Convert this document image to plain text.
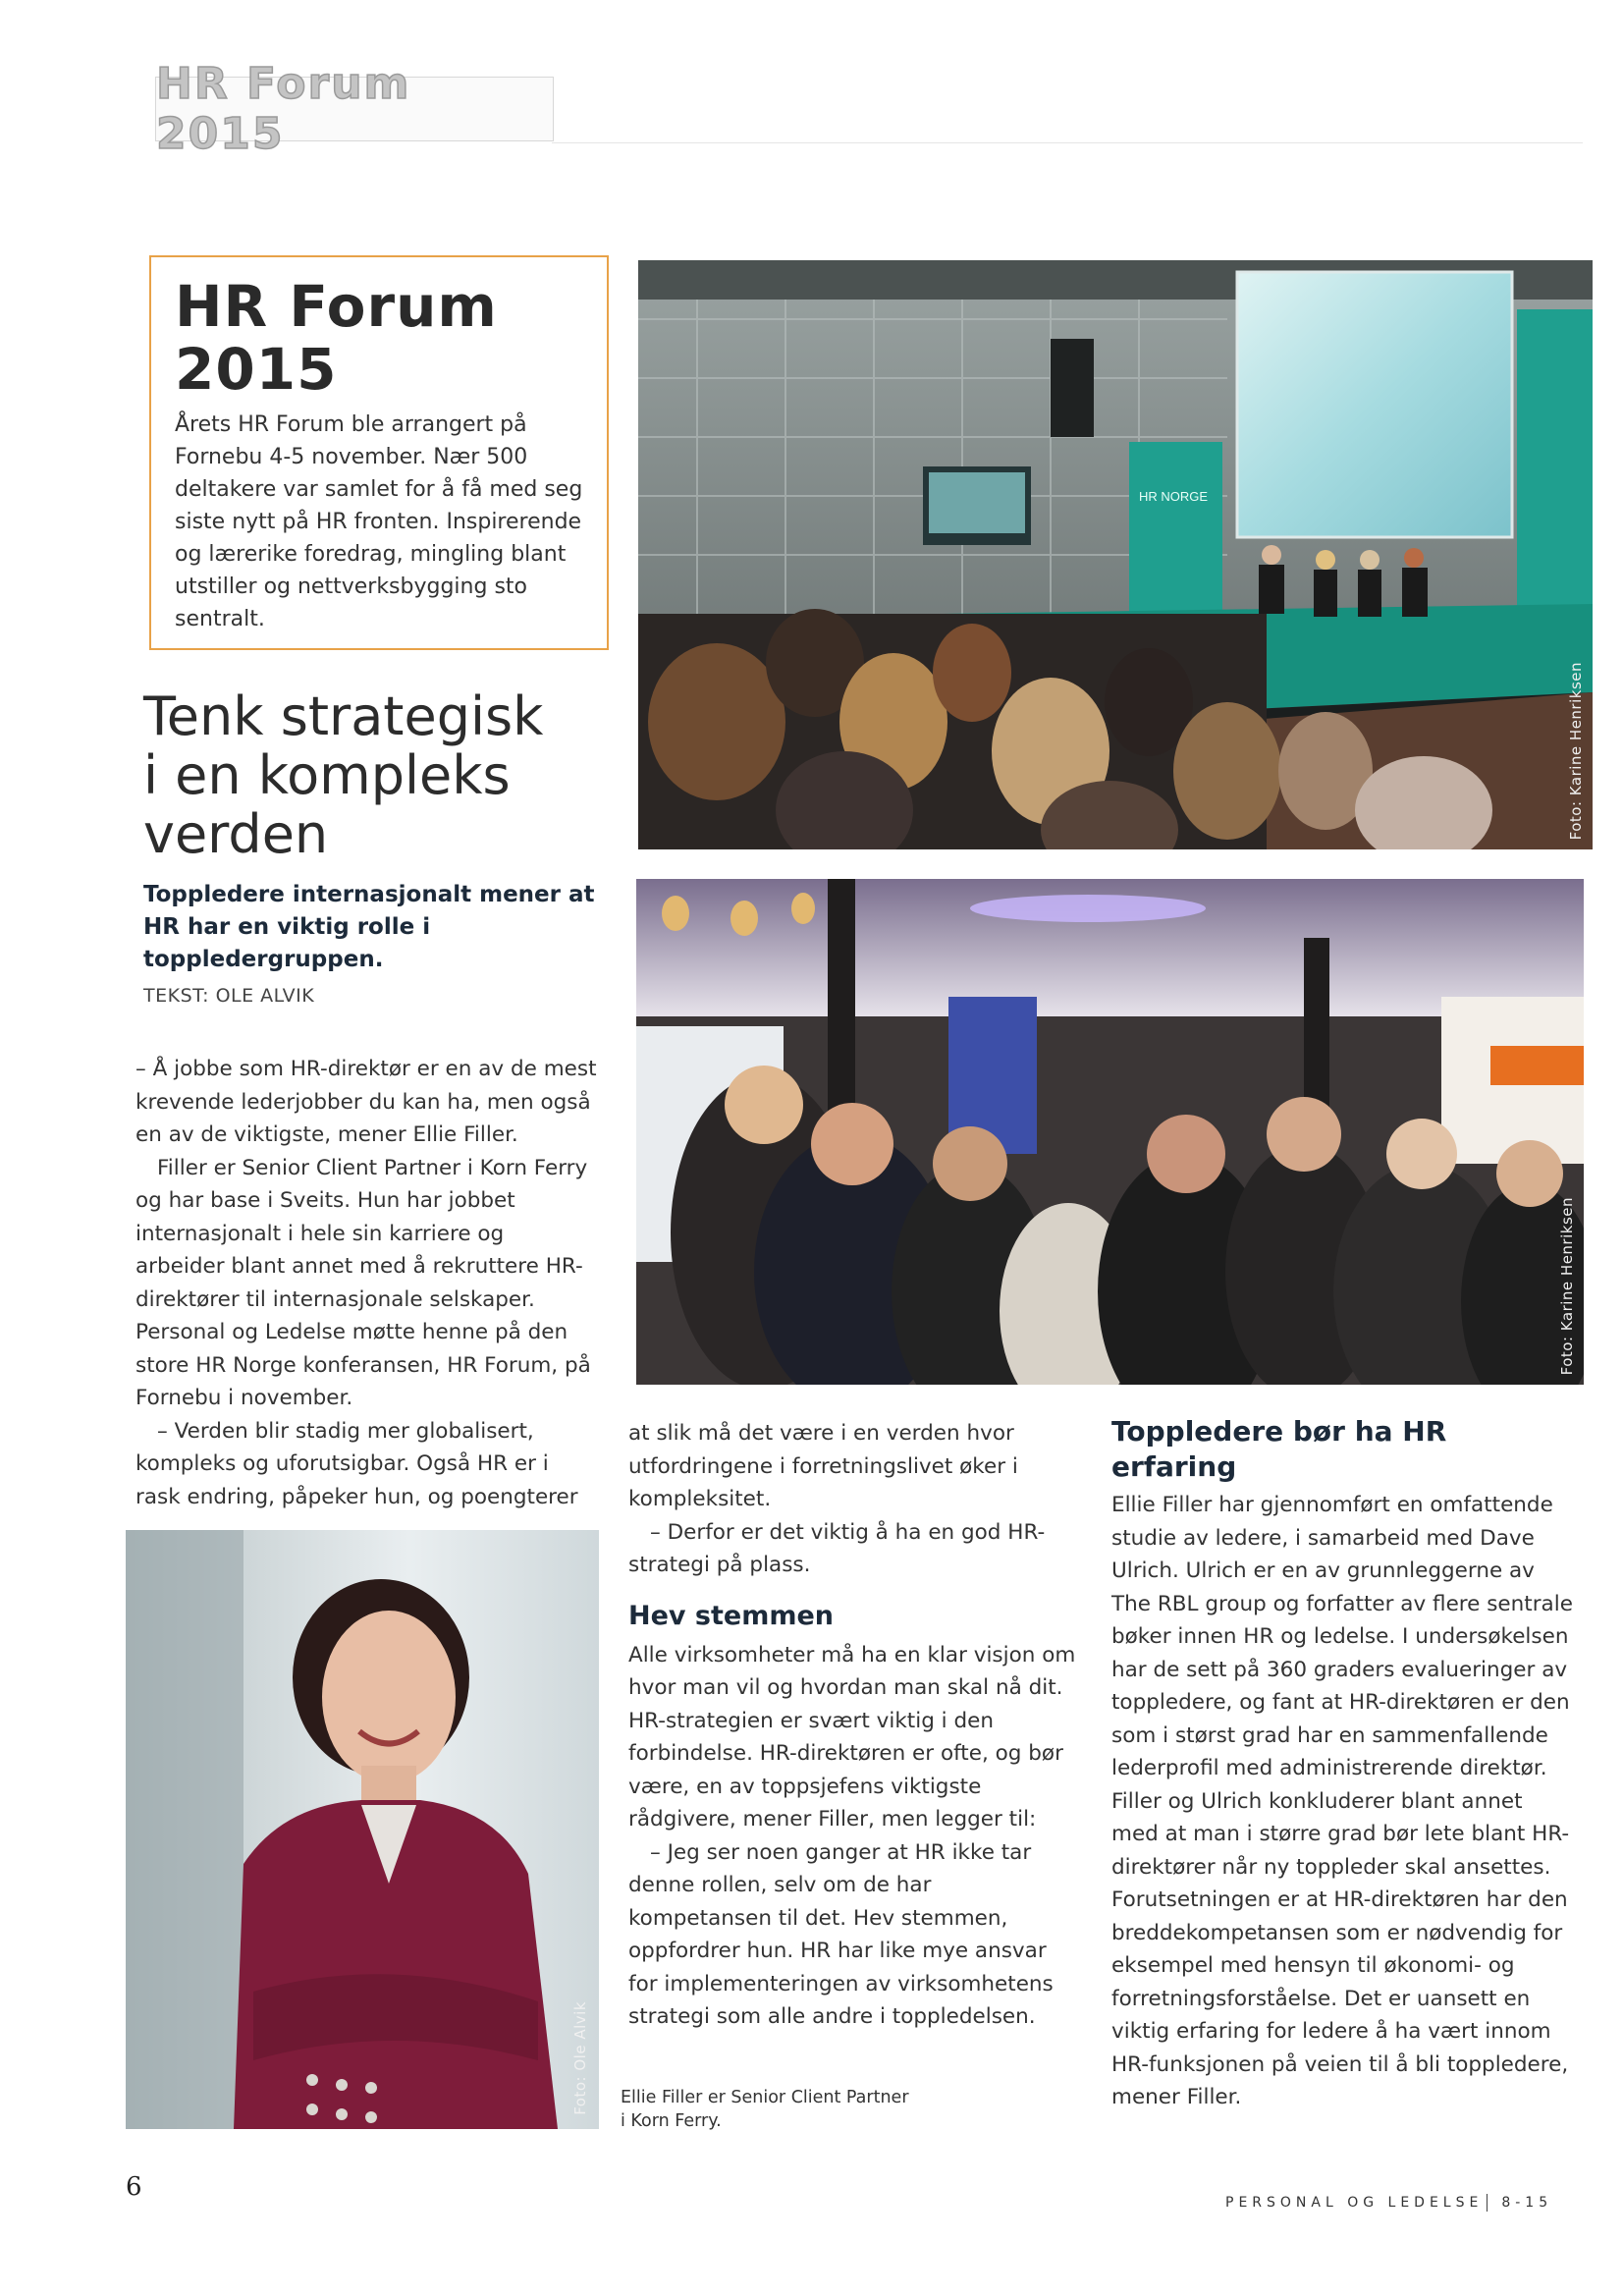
HR Forum 2015
HR Forum
2015

Årets HR Forum ble arrangert på Fornebu 4-5 november. Nær 500 deltakere var samlet for å få med seg siste nytt på HR fronten. Inspirerende og lærerike foredrag, mingling blant utstiller og nettverksbygging sto sentralt.

Tenk strategisk
i en kompleks
verden

Toppledere internasjonalt mener at HR har en viktig rolle i toppledergruppen.

TEKST: OLE ALVIK

– Å jobbe som HR-direktør er en av de mest krevende lederjobber du kan ha, men også en av de viktigste, mener Ellie Filler.

Filler er Senior Client Partner i Korn Ferry og har base i Sveits. Hun har jobbet internasjonalt i hele sin karriere og arbeider blant annet med å rekruttere HR-direktører til internasjonale selskaper. Personal og Ledelse møtte henne på den store HR Norge konferansen, HR Forum, på Fornebu i november.

– Verden blir stadig mer globalisert, kompleks og uforutsigbar. Også HR er i rask endring, påpeker hun, og poengterer

HR NORGE
Foto: Karine Henriksen
Foto: Karine Henriksen
Foto: Ole Alvik

at slik må det være i en verden hvor utfordringene i forretningslivet øker i kompleksitet.

– Derfor er det viktig å ha en god HR-strategi på plass.

Hev stemmen

Alle virksomheter må ha en klar visjon om hvor man vil og hvordan man skal nå dit. HR-strategien er svært viktig i den forbindelse. HR-direktøren er ofte, og bør være, en av toppsjefens viktigste rådgivere, mener Filler, men legger til:

– Jeg ser noen ganger at HR ikke tar denne rollen, selv om de har kompetansen til det. Hev stemmen, oppfordrer hun. HR har like mye ansvar for implementeringen av virksomhetens strategi som alle andre i toppledelsen.

Ellie Filler er Senior Client Partner i Korn Ferry.
Toppledere bør ha HR erfaring

Ellie Filler har gjennomført en omfattende studie av ledere, i samarbeid med Dave Ulrich. Ulrich er en av grunnleggerne av The RBL group og forfatter av flere sentrale bøker innen HR og ledelse. I undersøkelsen har de sett på 360 graders evalueringer av toppledere, og fant at HR-direktøren er den som i størst grad har en sammenfallende lederprofil med administrerende direktør. Filler og Ulrich konkluderer blant annet med at man i større grad bør lete blant HR-direktører når ny toppleder skal ansettes. Forutsetningen er at HR-direktøren har den breddekompetansen som er nødvendig for eksempel med hensyn til økonomi- og forretningsforståelse. Det er uansett en viktig erfaring for ledere å ha vært innom HR-funksjonen på veien til å bli toppledere, mener Filler.

6
PERSONAL OG LEDELSE 8-15
